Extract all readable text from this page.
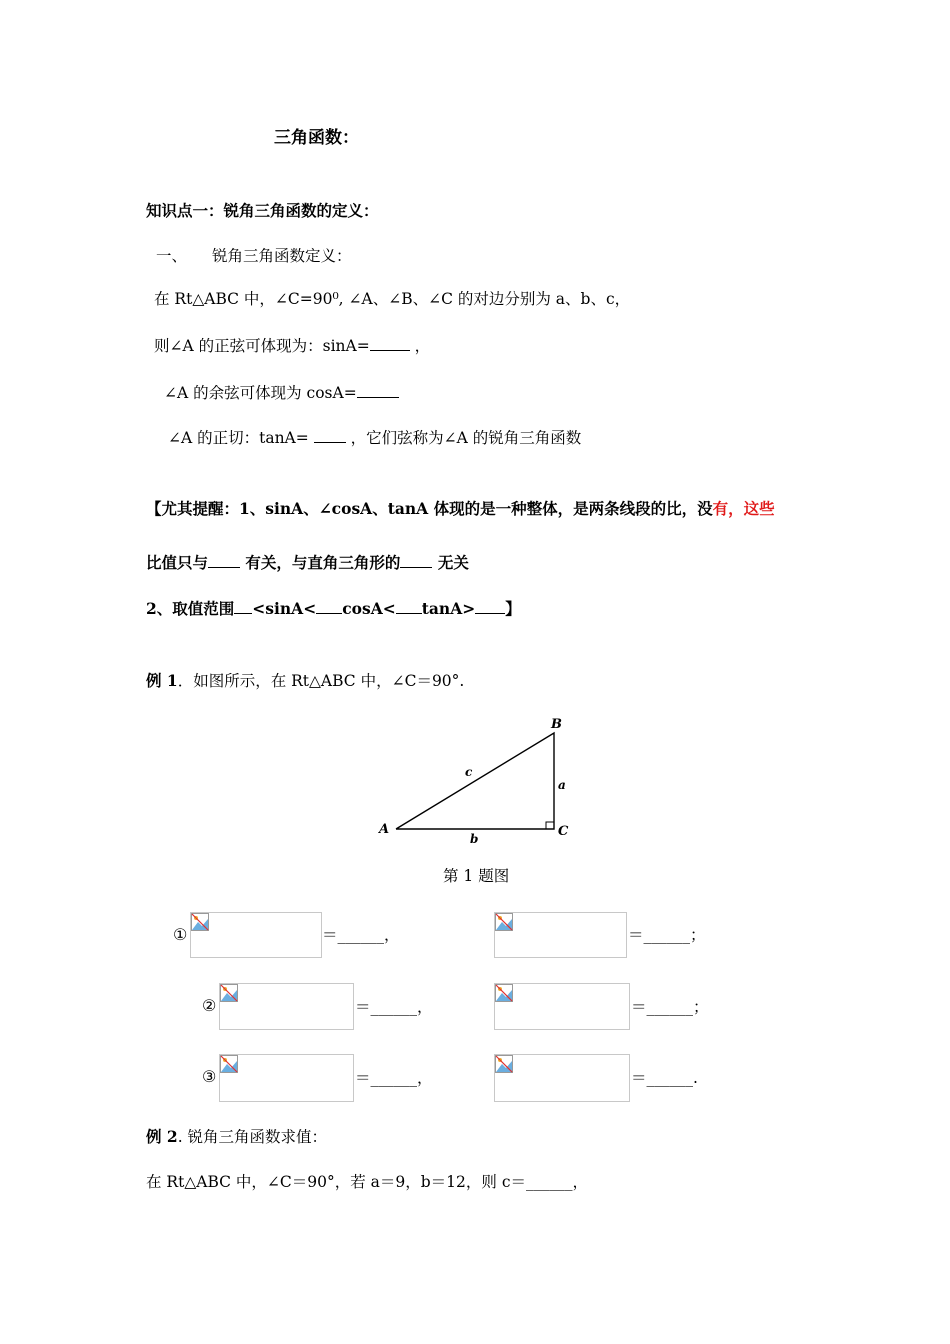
三角函数：
知识点一：锐角三角函数的定义：
一、 锐角三角函数定义：
在 Rt△ABC 中，∠C=90⁰, ∠A、∠B、∠C 的对边分别为 a、b、c，
则∠A 的正弦可体现为：sinA=	，
∠A 的余弦可体现为 cosA=
∠A 的正切：tanA=  ，它们弦称为∠A 的锐角三角函数
【尤其提醒：1、sinA、∠cosA、tanA 体现的是一种整体，是两条线段的比，没有，这些
比值只与 有关，与直角三角形的 无关
2、取值范围 <sinA< cosA< tanA> 】
例 1．如图所示，在 Rt△ABC 中，∠C＝90°.
A
B
C
a
b
c
第 1 题图
①	＝______，	＝______；
②	＝______，	＝______；
③	＝______，	＝______.
例 2. 锐角三角函数求值：
在 Rt△ABC 中，∠C＝90°，若 a＝9，b＝12，则 c＝______，
